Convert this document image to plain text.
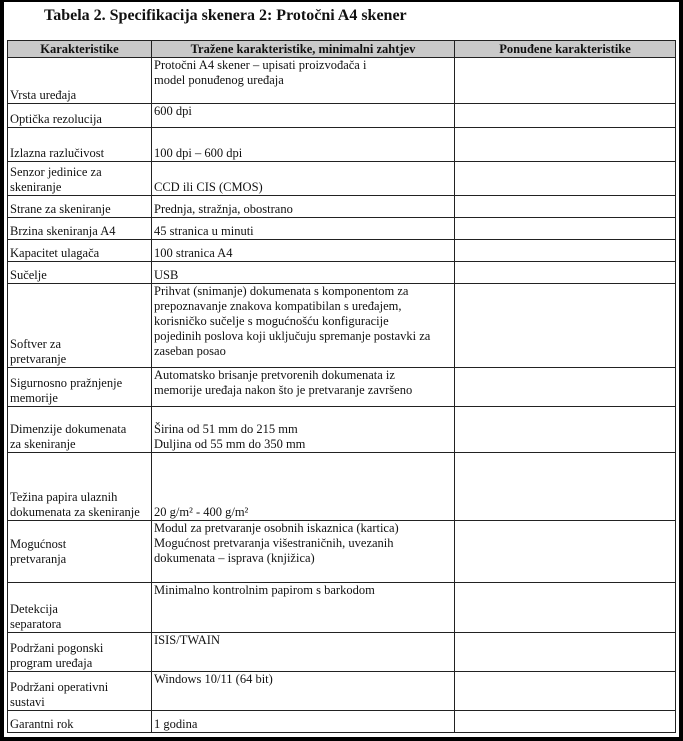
Tabela 2. Specifikacija skenera 2: Protočni A4 skener
Karakteristike	Tražene karakteristike, minimalni zahtjev	Ponuđene karakteristike
Vrsta uređaja	Protočni A4 skener – upisati proizvođača i
model ponuđenog uređaja	
Optička rezolucija	600 dpi	
Izlazna razlučivost	100 dpi – 600 dpi	
Senzor jedinice za
skeniranje	CCD ili CIS (CMOS)	
Strane za skeniranje	Prednja, stražnja, obostrano	
Brzina skeniranja A4	45 stranica u minuti	
Kapacitet ulagača	100 stranica A4	
Sučelje	USB	
Softver za
pretvaranje	Prihvat (snimanje) dokumenata s komponentom za
prepoznavanje znakova kompatibilan s uređajem,
korisničko sučelje s mogućnošću konfiguracije
pojedinih poslova koji uključuju spremanje postavki za
zaseban posao	
Sigurnosno pražnjenje
memorije	Automatsko brisanje pretvorenih dokumenata iz
memorije uređaja nakon što je pretvaranje završeno	
Dimenzije dokumenata
za skeniranje	Širina od 51 mm do 215 mm
Duljina od 55 mm do 350 mm	
Težina papira ulaznih
dokumenata za skeniranje	20 g/m² - 400 g/m²	
Mogućnost
pretvaranja	Modul za pretvaranje osobnih iskaznica (kartica)
Mogućnost pretvaranja višestraničnih, uvezanih
dokumenata – isprava (knjižica)	
Detekcija
separatora	Minimalno kontrolnim papirom s barkodom	
Podržani pogonski
program uređaja	ISIS/TWAIN	
Podržani operativni
sustavi	Windows 10/11 (64 bit)	
Garantni rok	1 godina	
